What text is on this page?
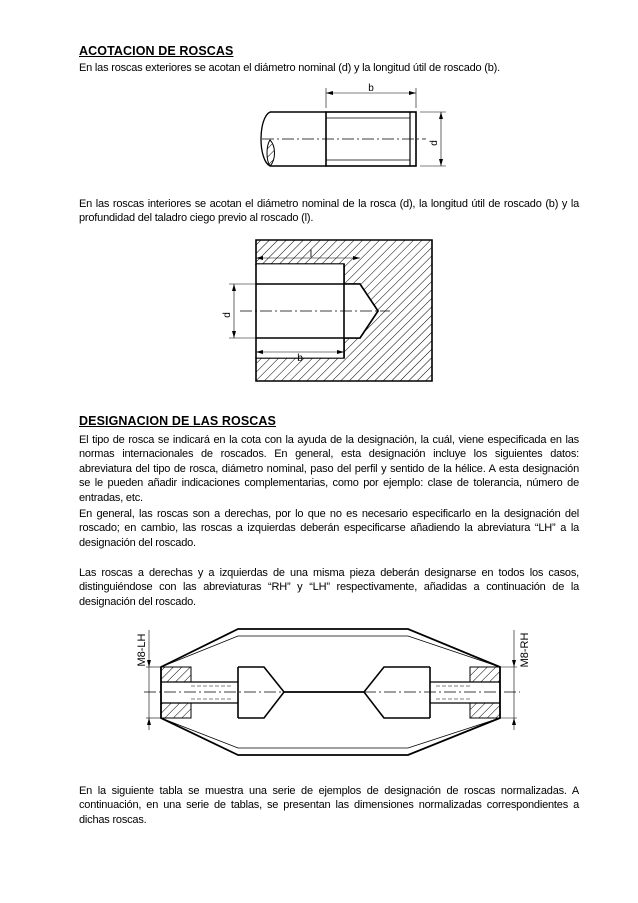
ACOTACION DE ROSCAS
En las roscas exteriores se acotan el diámetro nominal (d) y la longitud útil de roscado (b).
b
d
En las roscas interiores se acotan el diámetro nominal de la rosca (d), la longitud útil de roscado (b) y la profundidad del taladro ciego previo al roscado (l).
l
b
d
DESIGNACION DE LAS ROSCAS
El tipo de rosca se indicará en la cota con la ayuda de la designación, la cuál, viene especificada en las normas internacionales de roscados. En general, esta designación incluye los siguientes datos: abreviatura del tipo de rosca, diámetro nominal, paso del perfil y sentido de la hélice. A esta designación se le pueden añadir indicaciones complementarias, como por ejemplo: clase de tolerancia, número de entradas, etc.
En general, las roscas son a derechas, por lo que no es necesario especificarlo en la designación del roscado; en cambio, las roscas a izquierdas deberán especificarse añadiendo la abreviatura “LH” a la designación del roscado.
Las roscas a derechas y a izquierdas de una misma pieza deberán designarse en todos los casos, distinguiéndose con las abreviaturas “RH” y “LH” respectivamente, añadidas a continuación de la designación del roscado.
M8-LH	M8-RH
En la siguiente tabla se muestra una serie de ejemplos de designación de roscas normalizadas. A continuación, en una serie de tablas, se presentan las dimensiones normalizadas correspondientes a dichas roscas.
